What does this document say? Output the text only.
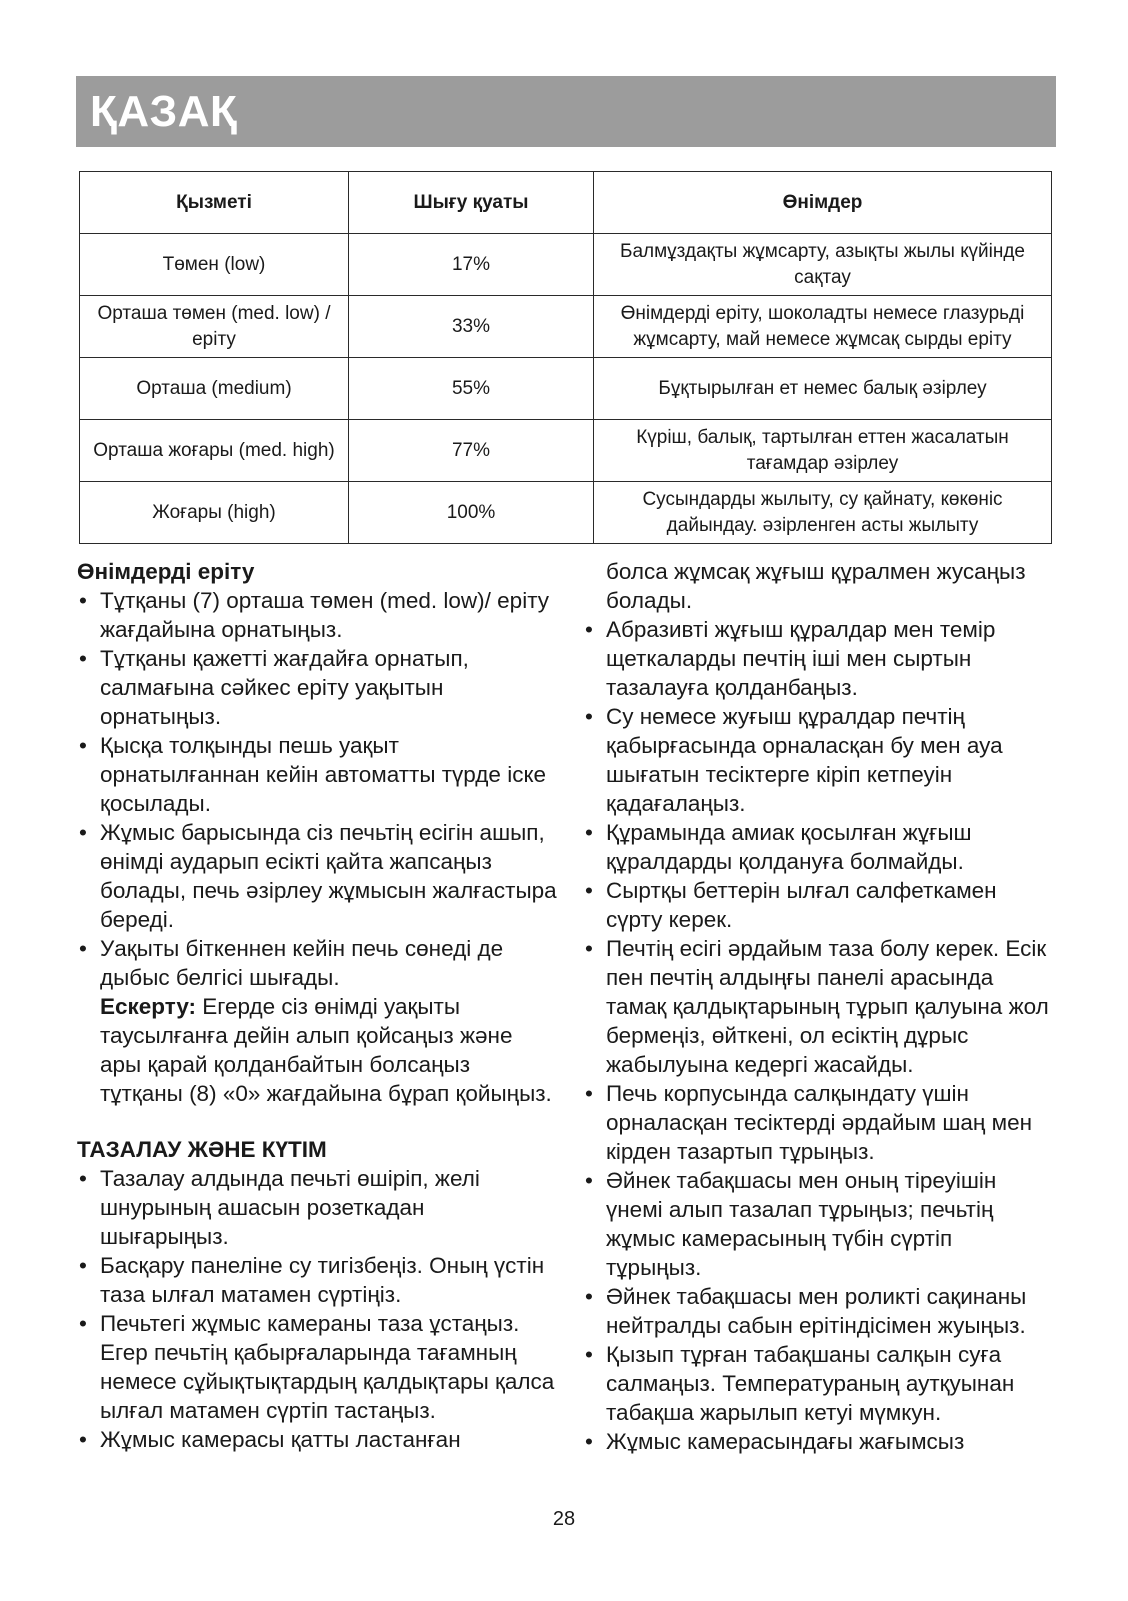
ҚАЗАҚ
Қызметі	Шығу қуаты	Өнімдер
Төмен (low)	17%	Балмұздақты жұмсарту, азықты жылы күйінде сақтау
Орташа төмен (med. low) / еріту	33%	Өнімдерді еріту, шоколадты немесе глазурьді жұмсарту, май немесе жұмсақ сырды еріту
Орташа (medium)	55%	Бұқтырылған ет немес балық әзірлеу
Орташа жоғары (med. high)	77%	Күріш, балық, тартылған еттен жасалатын тағамдар әзірлеу
Жоғары (high)	100%	Сусындарды жылыту, су қайнату, көкөніс дайындау. әзірленген асты жылыту

Өнімдерді еріту

• Тұтқаны (7) орташа төмен (med. low)/ еріту жағдайына орнатыңыз.
• Тұтқаны қажетті жағдайға орнатып, салмағына сәйкес еріту уақытын орнатыңыз.
• Қысқа толқынды пешь уақыт орнатылғаннан кейін автоматты түрде іске қосылады.
• Жұмыс барысында сіз печьтің есігін ашып, өнімді аударып есікті қайта жапсаңыз болады, печь әзірлеу жұмысын жалғастыра береді.
• Уақыты біткеннен кейін печь сөнеді де дыбыс белгісі шығады.

Ескерту: Егерде сіз өнімді уақыты таусылғанға дейін алып қойсаңыз және ары қарай қолданбайтын болсаңыз тұтқаны (8) «0» жағдайына бұрап қойыңыз.

ТАЗАЛАУ ЖӘНЕ КҮТІМ

• Тазалау алдында печьті өшіріп, желі шнурының ашасын розеткадан шығарыңыз.
• Басқару панеліне су тигізбеңіз. Оның үстін таза ылғал матамен сүртіңіз.
• Печьтегі жұмыс камераны таза ұстаңыз. Егер печьтің қабырғаларында тағамның немесе сұйықтықтардың қалдықтары қалса ылғал матамен сүртіп тастаңыз.
• Жұмыс камерасы қатты ластанған

болса жұмсақ жұғыш құралмен жусаңыз болады.

• Абразивті жұғыш құралдар мен темір щеткаларды печтің іші мен сыртын тазалауға қолданбаңыз.
• Су немесе жуғыш құралдар печтің қабырғасында орналасқан бу мен ауа шығатын тесіктерге кіріп кетпеуін қадағалаңыз.
• Құрамында амиак қосылған жұғыш құралдарды қолдануға болмайды.
• Сыртқы беттерін ылғал салфеткамен сүрту керек.
• Печтің есігі әрдайым таза болу керек. Есік пен печтің алдыңғы панелі арасында тамақ қалдықтарының тұрып қалуына жол бермеңіз, өйткені, ол есіктің дұрыс жабылуына кедергі жасайды.
• Печь корпусында салқындату үшін орналасқан тесіктерді әрдайым шаң мен кірден тазартып тұрыңыз.
• Әйнек табақшасы мен оның тіреуішін үнемі алып тазалап тұрыңыз; печьтің жұмыс камерасының түбін сүртіп тұрыңыз.
• Әйнек табақшасы мен роликті сақинаны нейтралды сабын ерітіндісімен жуыңыз.
• Қызып тұрған табақшаны салқын суға салмаңыз. Температураның аутқуынан табақша жарылып кетуі мүмкун.
• Жұмыс камерасындағы жағымсыз
28
